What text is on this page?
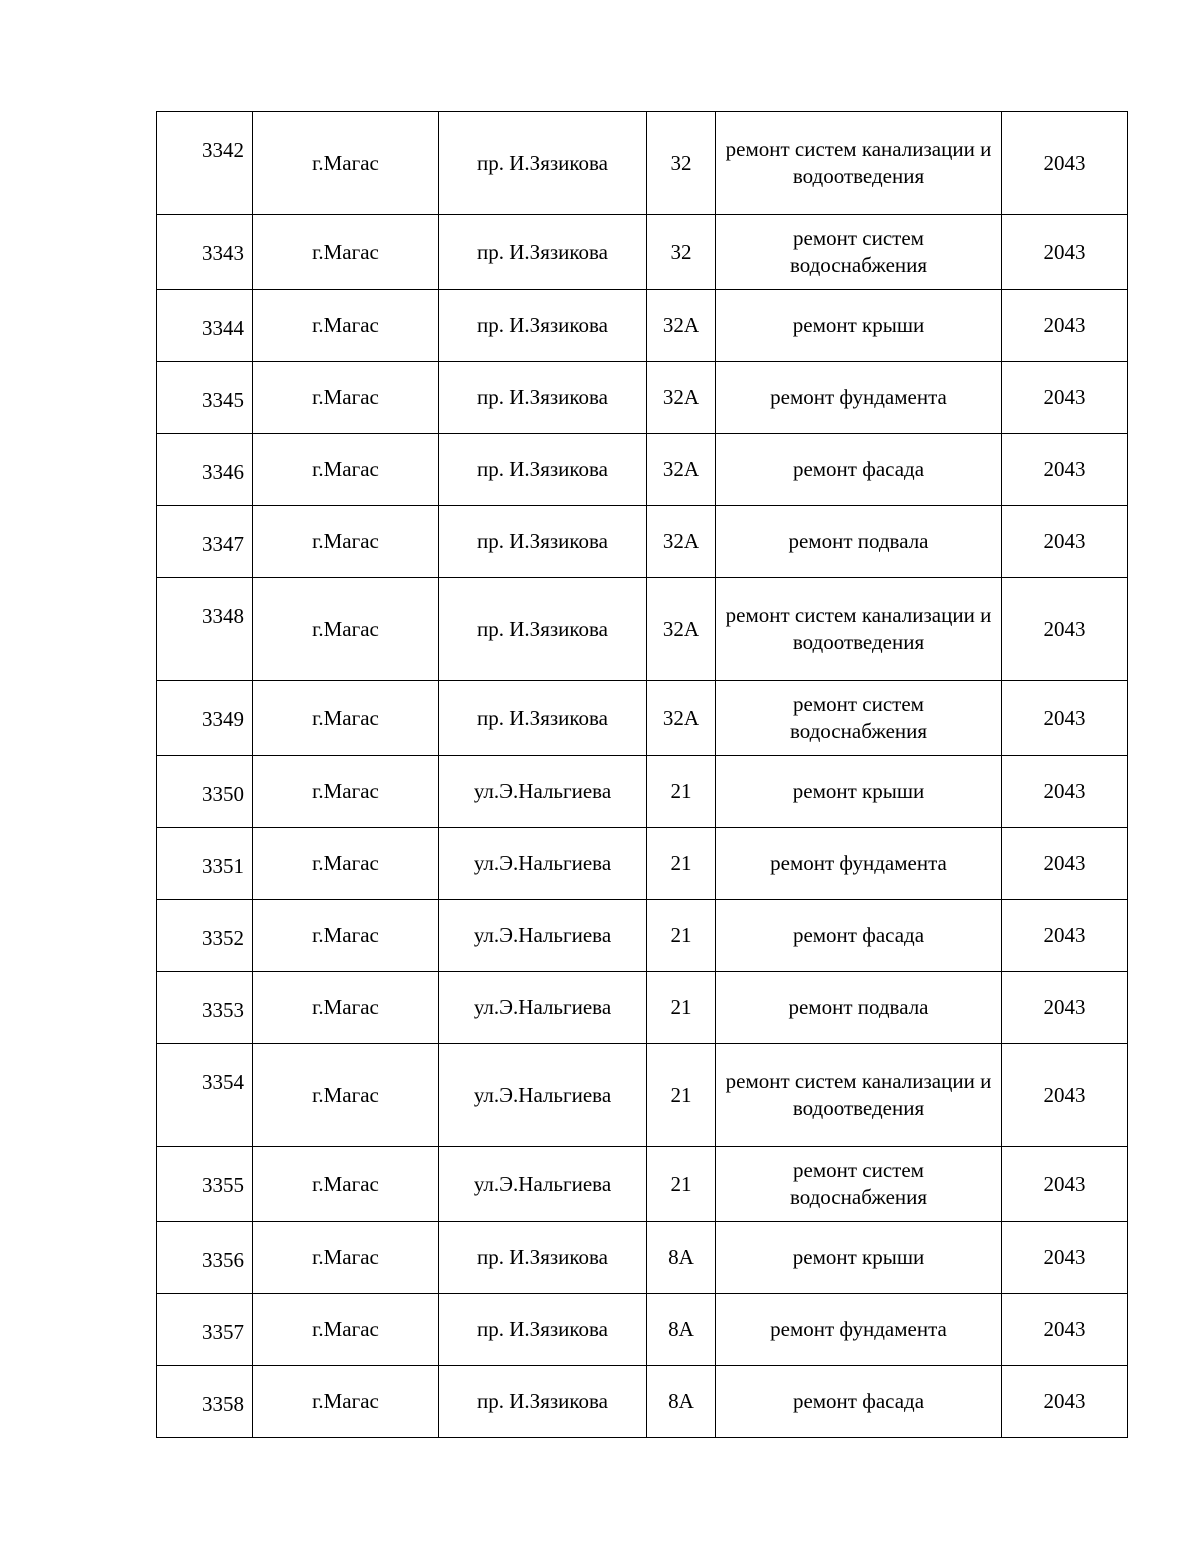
3342	г.Магас	пр. И.Зязикова	32	ремонт систем канализации и водоотведения	2043
3343	г.Магас	пр. И.Зязикова	32	ремонт систем водоснабжения	2043
3344	г.Магас	пр. И.Зязикова	32А	ремонт крыши	2043
3345	г.Магас	пр. И.Зязикова	32А	ремонт фундамента	2043
3346	г.Магас	пр. И.Зязикова	32А	ремонт фасада	2043
3347	г.Магас	пр. И.Зязикова	32А	ремонт подвала	2043
3348	г.Магас	пр. И.Зязикова	32А	ремонт систем канализации и водоотведения	2043
3349	г.Магас	пр. И.Зязикова	32А	ремонт систем водоснабжения	2043
3350	г.Магас	ул.Э.Нальгиева	21	ремонт крыши	2043
3351	г.Магас	ул.Э.Нальгиева	21	ремонт фундамента	2043
3352	г.Магас	ул.Э.Нальгиева	21	ремонт фасада	2043
3353	г.Магас	ул.Э.Нальгиева	21	ремонт подвала	2043
3354	г.Магас	ул.Э.Нальгиева	21	ремонт систем канализации и водоотведения	2043
3355	г.Магас	ул.Э.Нальгиева	21	ремонт систем водоснабжения	2043
3356	г.Магас	пр. И.Зязикова	8А	ремонт крыши	2043
3357	г.Магас	пр. И.Зязикова	8А	ремонт фундамента	2043
3358	г.Магас	пр. И.Зязикова	8А	ремонт фасада	2043
